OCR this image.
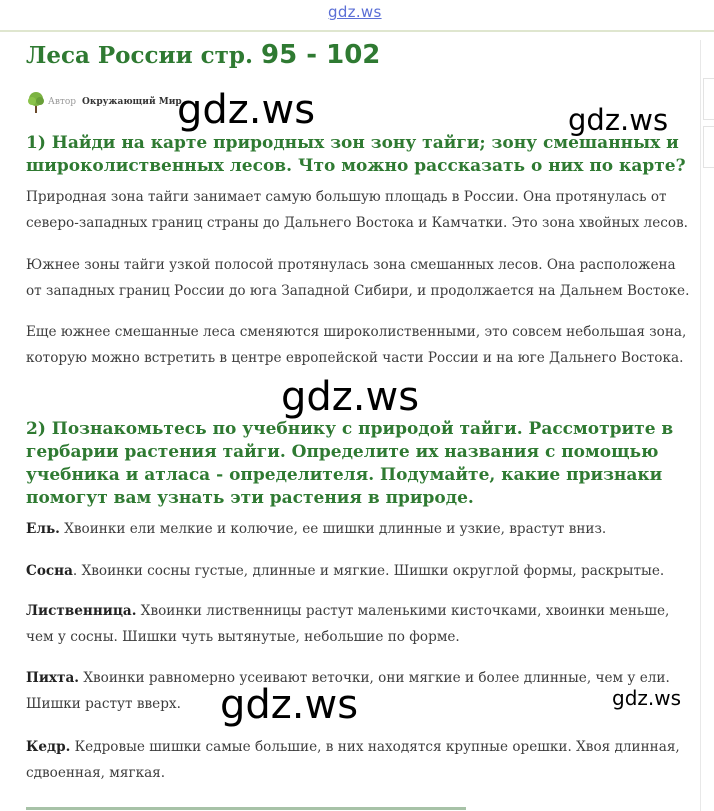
gdz.ws
Леса России стр. 95 - 102
Автор Окружающий Мир
1) Найди на карте природных зон зону тайги; зону смешанных и широколиственных лесов. Что можно рассказать о них по карте?

Природная зона тайги занимает самую большую площадь в России. Она протянулась от северо-западных границ страны до Дальнего Востока и Камчатки. Это зона хвойных лесов.

Южнее зоны тайги узкой полосой протянулась зона смешанных лесов. Она расположена от западных границ России до юга Западной Сибири, и продолжается на Дальнем Востоке.

Еще южнее смешанные леса сменяются широколиственными, это совсем небольшая зона, которую можно встретить в центре европейской части России и на юге Дальнего Востока.

2) Познакомьтесь по учебнику с природой тайги. Рассмотрите в гербарии растения тайги. Определите их названия с помощью учебника и атласа - определителя. Подумайте, какие признаки помогут вам узнать эти растения в природе.

Ель. Хвоинки ели мелкие и колючие, ее шишки длинные и узкие, врастут вниз.

Сосна. Хвоинки сосны густые, длинные и мягкие. Шишки округлой формы, раскрытые.

Лиственница. Хвоинки лиственницы растут маленькими кисточками, хвоинки меньше, чем у сосны. Шишки чуть вытянутые, небольшие по форме.

Пихта. Хвоинки равномерно усеивают веточки, они мягкие и более длинные, чем у ели. Шишки растут вверх.

Кедр. Кедровые шишки самые большие, в них находятся крупные орешки. Хвоя длинная, сдвоенная, мягкая.

gdz.ws	gdz.ws
gdz.ws
gdz.ws	gdz.ws
